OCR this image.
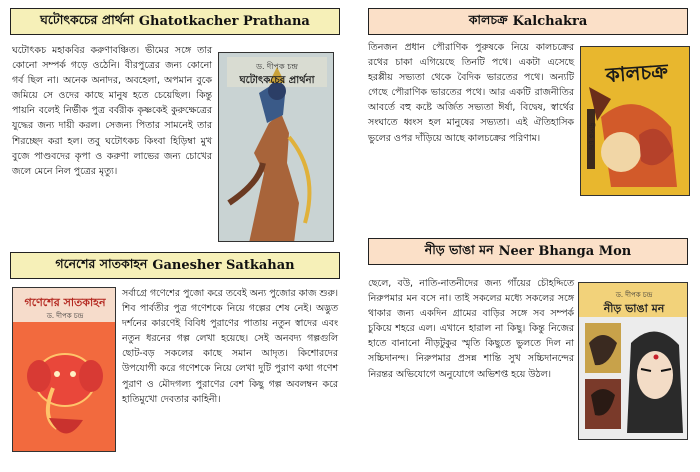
ঘটোৎকচের প্রার্থনা Ghatotkacher Prathana

ঘটোৎকচ মহাকবির করুণাবঞ্চিত। ভীমের সঙ্গে তার কোনো সম্পর্ক গড়ে ওঠেনি। বীরপুত্রের জন্য কোনো গর্ব ছিল না। অনেক অনাদর, অবহেলা, অপমান বুকে জমিয়ে সে ওদের কাছে মানুষ হতে চেয়েছিল। কিন্তু পায়নি বলেই নির্ভীক পুত্র বর্বরীক কৃষ্ণকেই কুরুক্ষেত্রের যুদ্ধের জন্য দায়ী করল। সেজন্য পিতার সামনেই তার শিরচ্ছেদ করা হল। তবু ঘটোৎকচ কিংবা হিড়িম্বা মুখ বুজে পাণ্ডবদের কৃপা ও করুণা লাভের জন্য চোখের জলে মেনে নিল পুত্রের মৃত্যু।

ড. দীপক চন্দ্র
ঘটোৎকচের প্রার্থনা
কালচক্র Kalchakra

তিনজন প্রধান পৌরাণিক পুরুষকে নিয়ে কালচক্রের রথের চাকা এগিয়েছে তিনটি পথে। একটা এসেছে হরপ্পীয় সভ্যতা থেকে বৈদিক ভারতের পথে। অন্যটি গেছে পৌরাণিক ভারতের পথে। আর একটি রাজনীতির আবর্তে বহু কষ্টে অর্জিত সভ্যতা ঈর্ষা, বিদ্বেষ, স্বার্থের সংঘাতে ধ্বংস হল মানুষের সভ্যতা। এই ঐতিহাসিক ভুলের ওপর দাঁড়িয়ে আছে কালচক্রের পরিণাম।

কালচক্র
দীপক চন্দ্র
গনেশের সাতকাহন Ganesher Satkahan
গণেশের সাতকাহন
ড. দীপক চন্দ্র

সর্বাগ্রে গণেশের পুজো করে তবেই অন্য পুজোর কাজ শুরু। শিব পার্বতীর পুত্র গণেশকে নিয়ে গল্পের শেষ নেই। অদ্ভুত দর্শনের কারণেই বিবিধ পুরাণের পাতায় নতুন স্বাদের এবং নতুন ধরনের গল্প লেখা হয়েছে। সেই অনবদ্য গল্পগুলি ছোট-বড় সকলের কাছে সমান আদৃত। কিশোরদের উপযোগী করে গণেশকে নিয়ে লেখা দুটি পুরাণ কথা গণেশ পুরাণ ও মৌদগল্য পুরাণের বেশ কিছু গল্প অবলম্বন করে হাতিমুখো দেবতার কাহিনী।

নীড় ভাঙা মন Neer Bhanga Mon

ছেলে, বউ, নাতি-নাতনীদের জন্য গাঁয়ের চৌহদ্দিতে নিরুপমার মন বসে না। তাই সকলের মধ্যে সকলের সঙ্গে থাকার জন্য একদিন গ্রামের বাড়ির সঙ্গে সব সম্পর্ক চুকিয়ে শহরে এল। এখানে হারাল না কিছু। কিন্তু নিজের হাতে বানানো নীড়টুকুর স্মৃতি কিছুতে ভুলতে দিল না সচ্চিদানন্দ। নিরুপমার প্রসন্ন শান্তি সুখ সচ্চিদানন্দের নিরন্তর অভিযোগে অনুযোগে অভিশপ্ত হয়ে উঠল।

ড. দীপক চন্দ্র
নীড় ভাঙা মন
